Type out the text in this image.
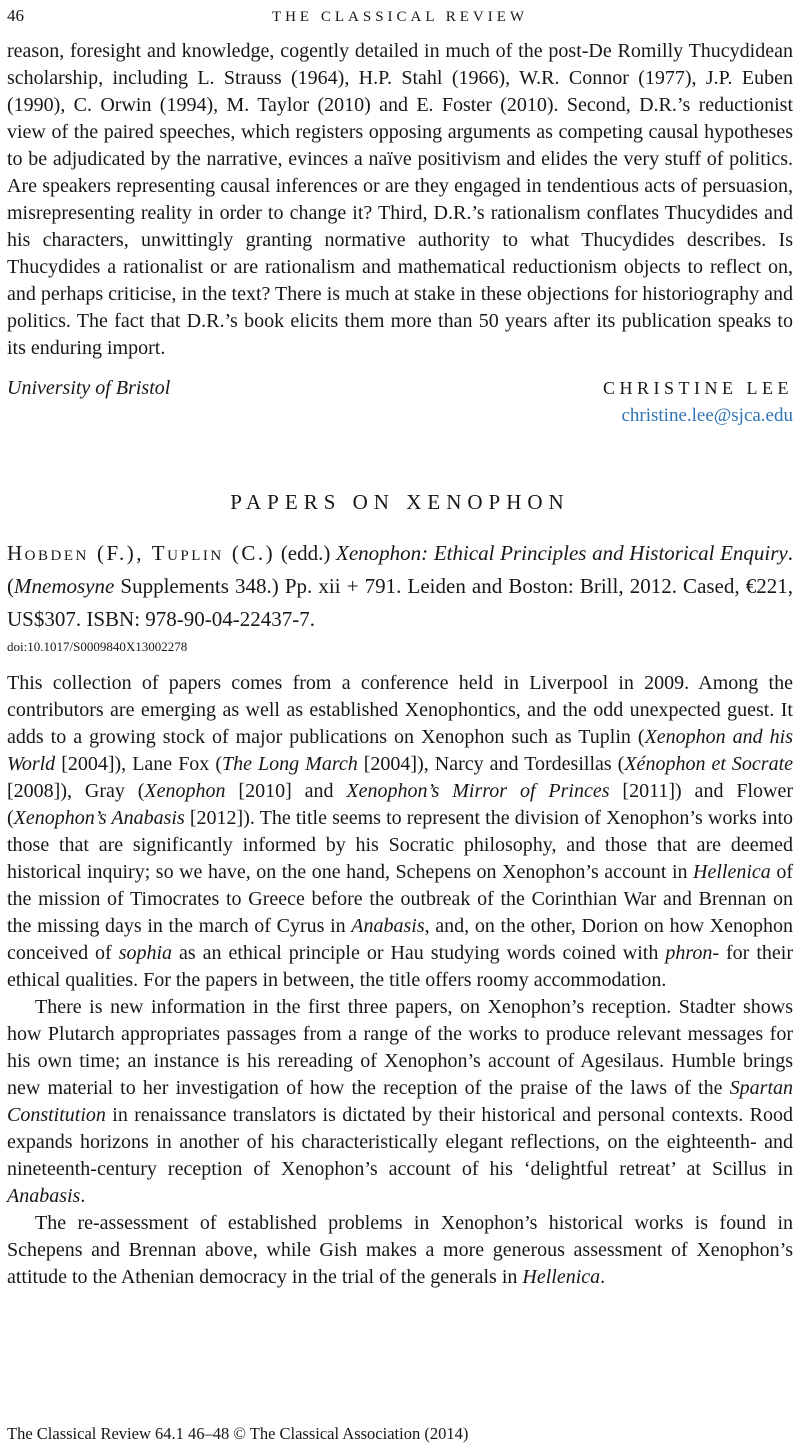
46	THE CLASSICAL REVIEW

reason, foresight and knowledge, cogently detailed in much of the post-De Romilly Thucydidean scholarship, including L. Strauss (1964), H.P. Stahl (1966), W.R. Connor (1977), J.P. Euben (1990), C. Orwin (1994), M. Taylor (2010) and E. Foster (2010). Second, D.R.’s reductionist view of the paired speeches, which registers opposing arguments as competing causal hypotheses to be adjudicated by the narrative, evinces a naïve positivism and elides the very stuff of politics. Are speakers representing causal inferences or are they engaged in tendentious acts of persuasion, misrepresenting reality in order to change it? Third, D.R.’s rationalism conflates Thucydides and his characters, unwittingly granting normative authority to what Thucydides describes. Is Thucydides a rationalist or are rationalism and mathematical reductionism objects to reflect on, and perhaps criticise, in the text? There is much at stake in these objections for historiography and politics. The fact that D.R.’s book elicits them more than 50 years after its publication speaks to its enduring import.

University of Bristol	CHRISTINE LEE
christine.lee@sjca.edu
PAPERS ON XENOPHON

Hobden (F.), Tuplin (C.) (edd.) Xenophon: Ethical Principles and Historical Enquiry. (Mnemosyne Supplements 348.) Pp. xii + 791. Leiden and Boston: Brill, 2012. Cased, €221, US$307. ISBN: 978-90-04-22437-7.

doi:10.1017/S0009840X13002278

This collection of papers comes from a conference held in Liverpool in 2009. Among the contributors are emerging as well as established Xenophontics, and the odd unexpected guest. It adds to a growing stock of major publications on Xenophon such as Tuplin (Xenophon and his World [2004]), Lane Fox (The Long March [2004]), Narcy and Tordesillas (Xénophon et Socrate [2008]), Gray (Xenophon [2010] and Xenophon’s Mirror of Princes [2011]) and Flower (Xenophon’s Anabasis [2012]). The title seems to represent the division of Xenophon’s works into those that are significantly informed by his Socratic philosophy, and those that are deemed historical inquiry; so we have, on the one hand, Schepens on Xenophon’s account in Hellenica of the mission of Timocrates to Greece before the outbreak of the Corinthian War and Brennan on the missing days in the march of Cyrus in Anabasis, and, on the other, Dorion on how Xenophon conceived of sophia as an ethical principle or Hau studying words coined with phron- for their ethical qualities. For the papers in between, the title offers roomy accommodation.

There is new information in the first three papers, on Xenophon’s reception. Stadter shows how Plutarch appropriates passages from a range of the works to produce relevant messages for his own time; an instance is his rereading of Xenophon’s account of Agesilaus. Humble brings new material to her investigation of how the reception of the praise of the laws of the Spartan Constitution in renaissance translators is dictated by their historical and personal contexts. Rood expands horizons in another of his characteristically elegant reflections, on the eighteenth- and nineteenth-century reception of Xenophon’s account of his ‘delightful retreat’ at Scillus in Anabasis.

The re-assessment of established problems in Xenophon’s historical works is found in Schepens and Brennan above, while Gish makes a more generous assessment of Xenophon’s attitude to the Athenian democracy in the trial of the generals in Hellenica.

The Classical Review 64.1 46–48 © The Classical Association (2014)
